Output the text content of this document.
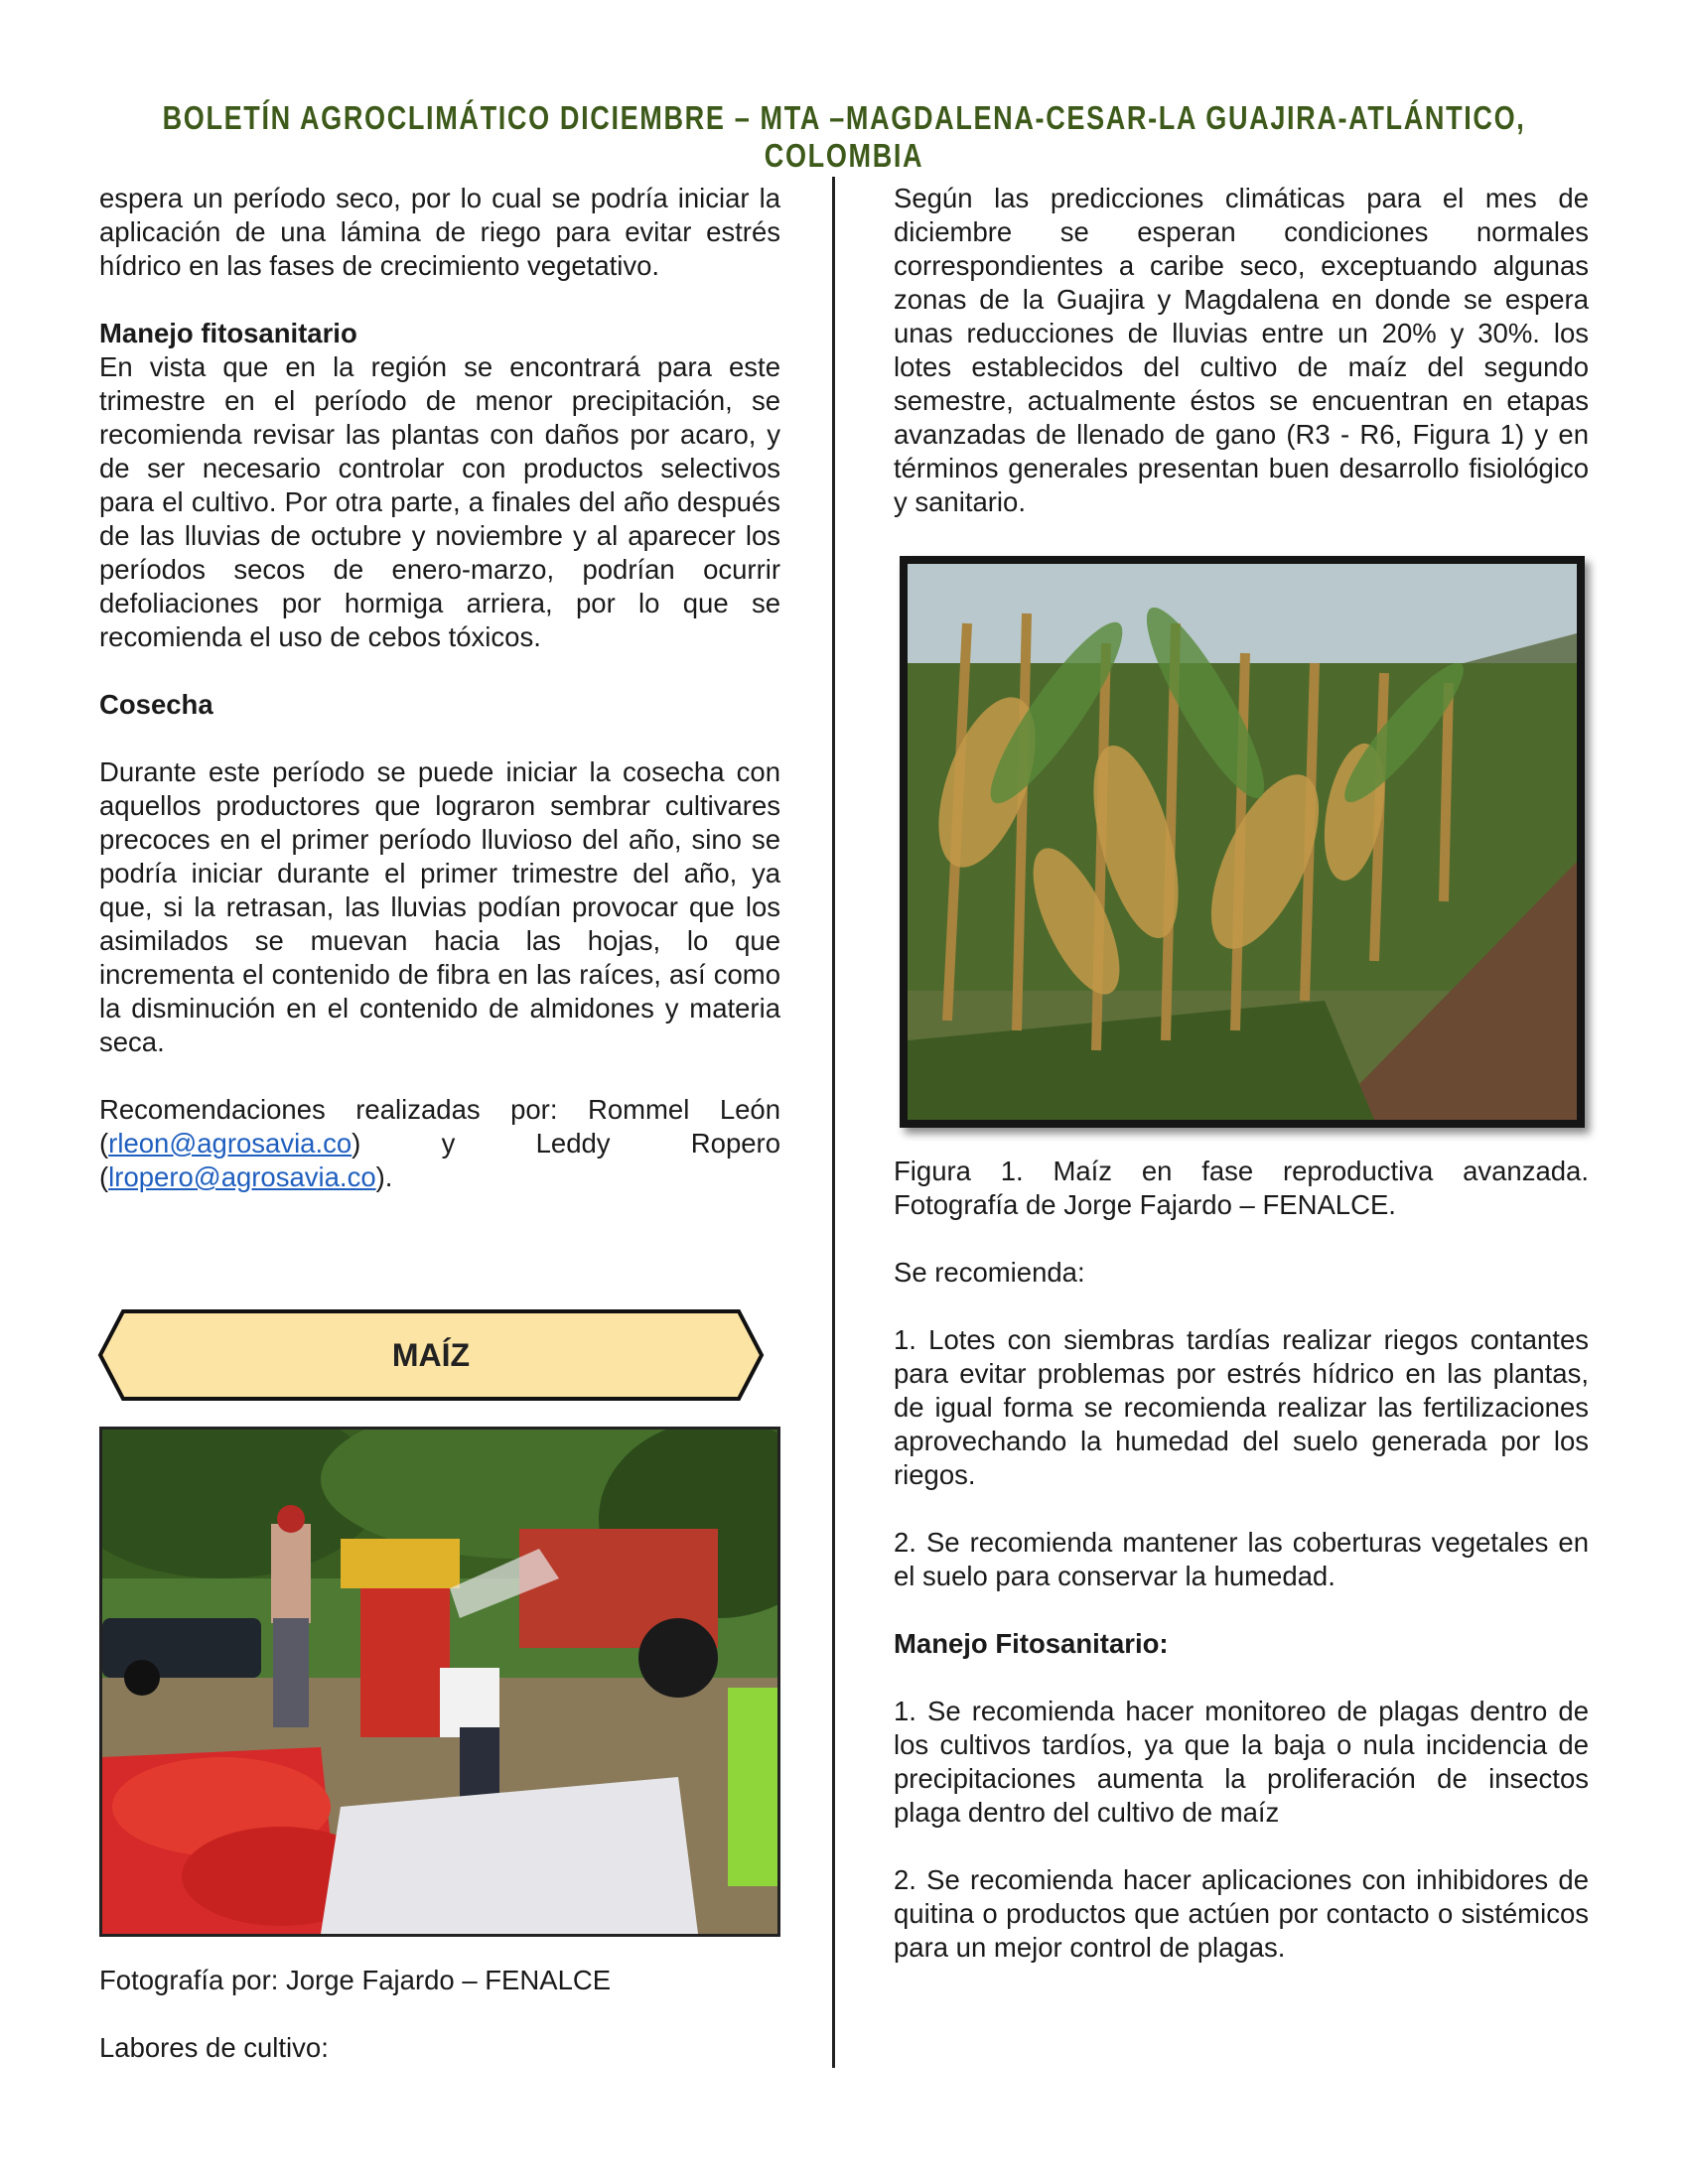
BOLETÍN AGROCLIMÁTICO DICIEMBRE – MTA –MAGDALENA-CESAR-LA GUAJIRA-ATLÁNTICO, COLOMBIA

espera un período seco, por lo cual se podría iniciar la aplicación de una lámina de riego para evitar estrés hídrico en las fases de crecimiento vegetativo.

Manejo fitosanitario

En vista que en la región se encontrará para este trimestre en el período de menor precipitación, se recomienda revisar las plantas con daños por acaro, y de ser necesario controlar con productos selectivos para el cultivo. Por otra parte, a finales del año después de las lluvias de octubre y noviembre y al aparecer los períodos secos de enero-marzo, podrían ocurrir defoliaciones por hormiga arriera, por lo que se recomienda el uso de cebos tóxicos.

Cosecha

Durante este período se puede iniciar la cosecha con aquellos productores que lograron sembrar cultivares precoces en el primer período lluvioso del año, sino se podría iniciar durante el primer trimestre del año, ya que, si la retrasan, las lluvias podían provocar que los asimilados se muevan hacia las hojas, lo que incrementa el contenido de fibra en las raíces, así como la disminución en el contenido de almidones y materia seca.

Recomendaciones realizadas por: Rommel León (rleon@agrosavia.co) y Leddy Ropero (lropero@agrosavia.co).

MAÍZ
Fotografía por: Jorge Fajardo – FENALCE
Labores de cultivo:

Según las predicciones climáticas para el mes de diciembre se esperan condiciones normales correspondientes a caribe seco, exceptuando algunas zonas de la Guajira y Magdalena en donde se espera unas reducciones de lluvias entre un 20% y 30%. los lotes establecidos del cultivo de maíz del segundo semestre, actualmente éstos se encuentran en etapas avanzadas de llenado de gano (R3 - R6, Figura 1) y en términos generales presentan buen desarrollo fisiológico y sanitario.

Figura 1. Maíz en fase reproductiva avanzada. Fotografía de Jorge Fajardo – FENALCE.

Se recomienda:

1. Lotes con siembras tardías realizar riegos contantes para evitar problemas por estrés hídrico en las plantas, de igual forma se recomienda realizar las fertilizaciones aprovechando la humedad del suelo generada por los riegos.

2. Se recomienda mantener las coberturas vegetales en el suelo para conservar la humedad.

Manejo Fitosanitario:

1. Se recomienda hacer monitoreo de plagas dentro de los cultivos tardíos, ya que la baja o nula incidencia de precipitaciones aumenta la proliferación de insectos plaga dentro del cultivo de maíz

2. Se recomienda hacer aplicaciones con inhibidores de quitina o productos que actúen por contacto o sistémicos para un mejor control de plagas.
